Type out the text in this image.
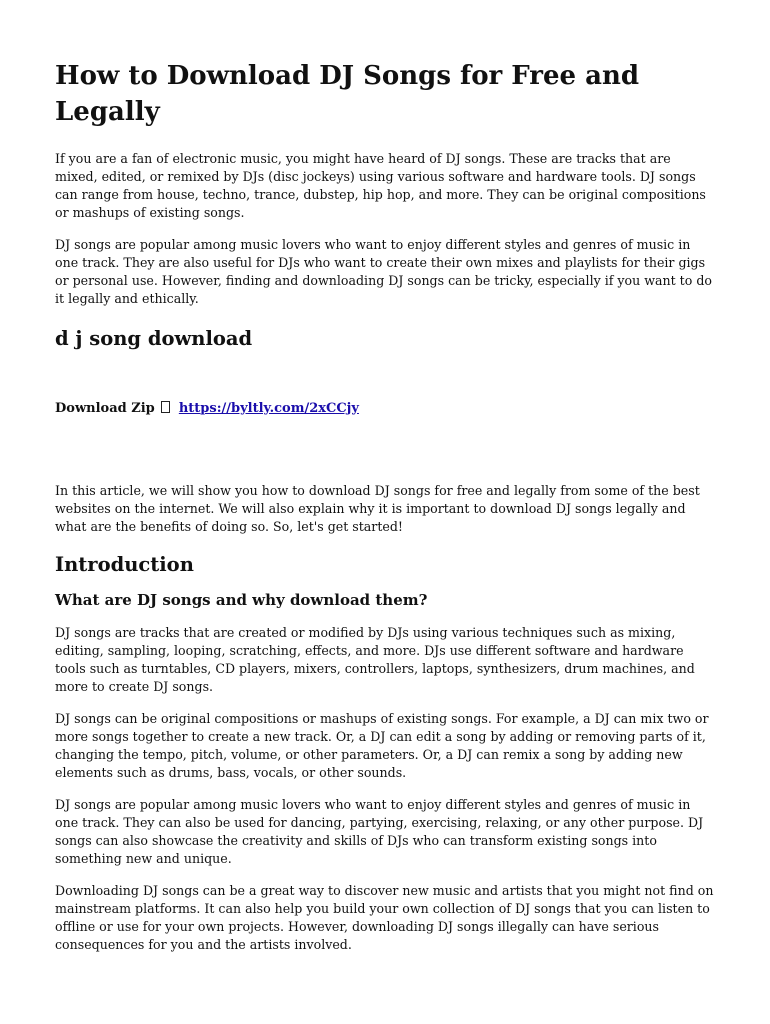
How to Download DJ Songs for Free and Legally

If you are a fan of electronic music, you might have heard of DJ songs. These are tracks that are mixed, edited, or remixed by DJs (disc jockeys) using various software and hardware tools. DJ songs can range from house, techno, trance, dubstep, hip hop, and more. They can be original compositions or mashups of existing songs.

DJ songs are popular among music lovers who want to enjoy different styles and genres of music in one track. They are also useful for DJs who want to create their own mixes and playlists for their gigs or personal use. However, finding and downloading DJ songs can be tricky, especially if you want to do it legally and ethically.

d j song download

Download Zip https://byltly.com/2xCCjy

In this article, we will show you how to download DJ songs for free and legally from some of the best websites on the internet. We will also explain why it is important to download DJ songs legally and what are the benefits of doing so. So, let's get started!

Introduction
What are DJ songs and why download them?

DJ songs are tracks that are created or modified by DJs using various techniques such as mixing, editing, sampling, looping, scratching, effects, and more. DJs use different software and hardware tools such as turntables, CD players, mixers, controllers, laptops, synthesizers, drum machines, and more to create DJ songs.

DJ songs can be original compositions or mashups of existing songs. For example, a DJ can mix two or more songs together to create a new track. Or, a DJ can edit a song by adding or removing parts of it, changing the tempo, pitch, volume, or other parameters. Or, a DJ can remix a song by adding new elements such as drums, bass, vocals, or other sounds.

DJ songs are popular among music lovers who want to enjoy different styles and genres of music in one track. They can also be used for dancing, partying, exercising, relaxing, or any other purpose. DJ songs can also showcase the creativity and skills of DJs who can transform existing songs into something new and unique.

Downloading DJ songs can be a great way to discover new music and artists that you might not find on mainstream platforms. It can also help you build your own collection of DJ songs that you can listen to offline or use for your own projects. However, downloading DJ songs illegally can have serious consequences for you and the artists involved.
